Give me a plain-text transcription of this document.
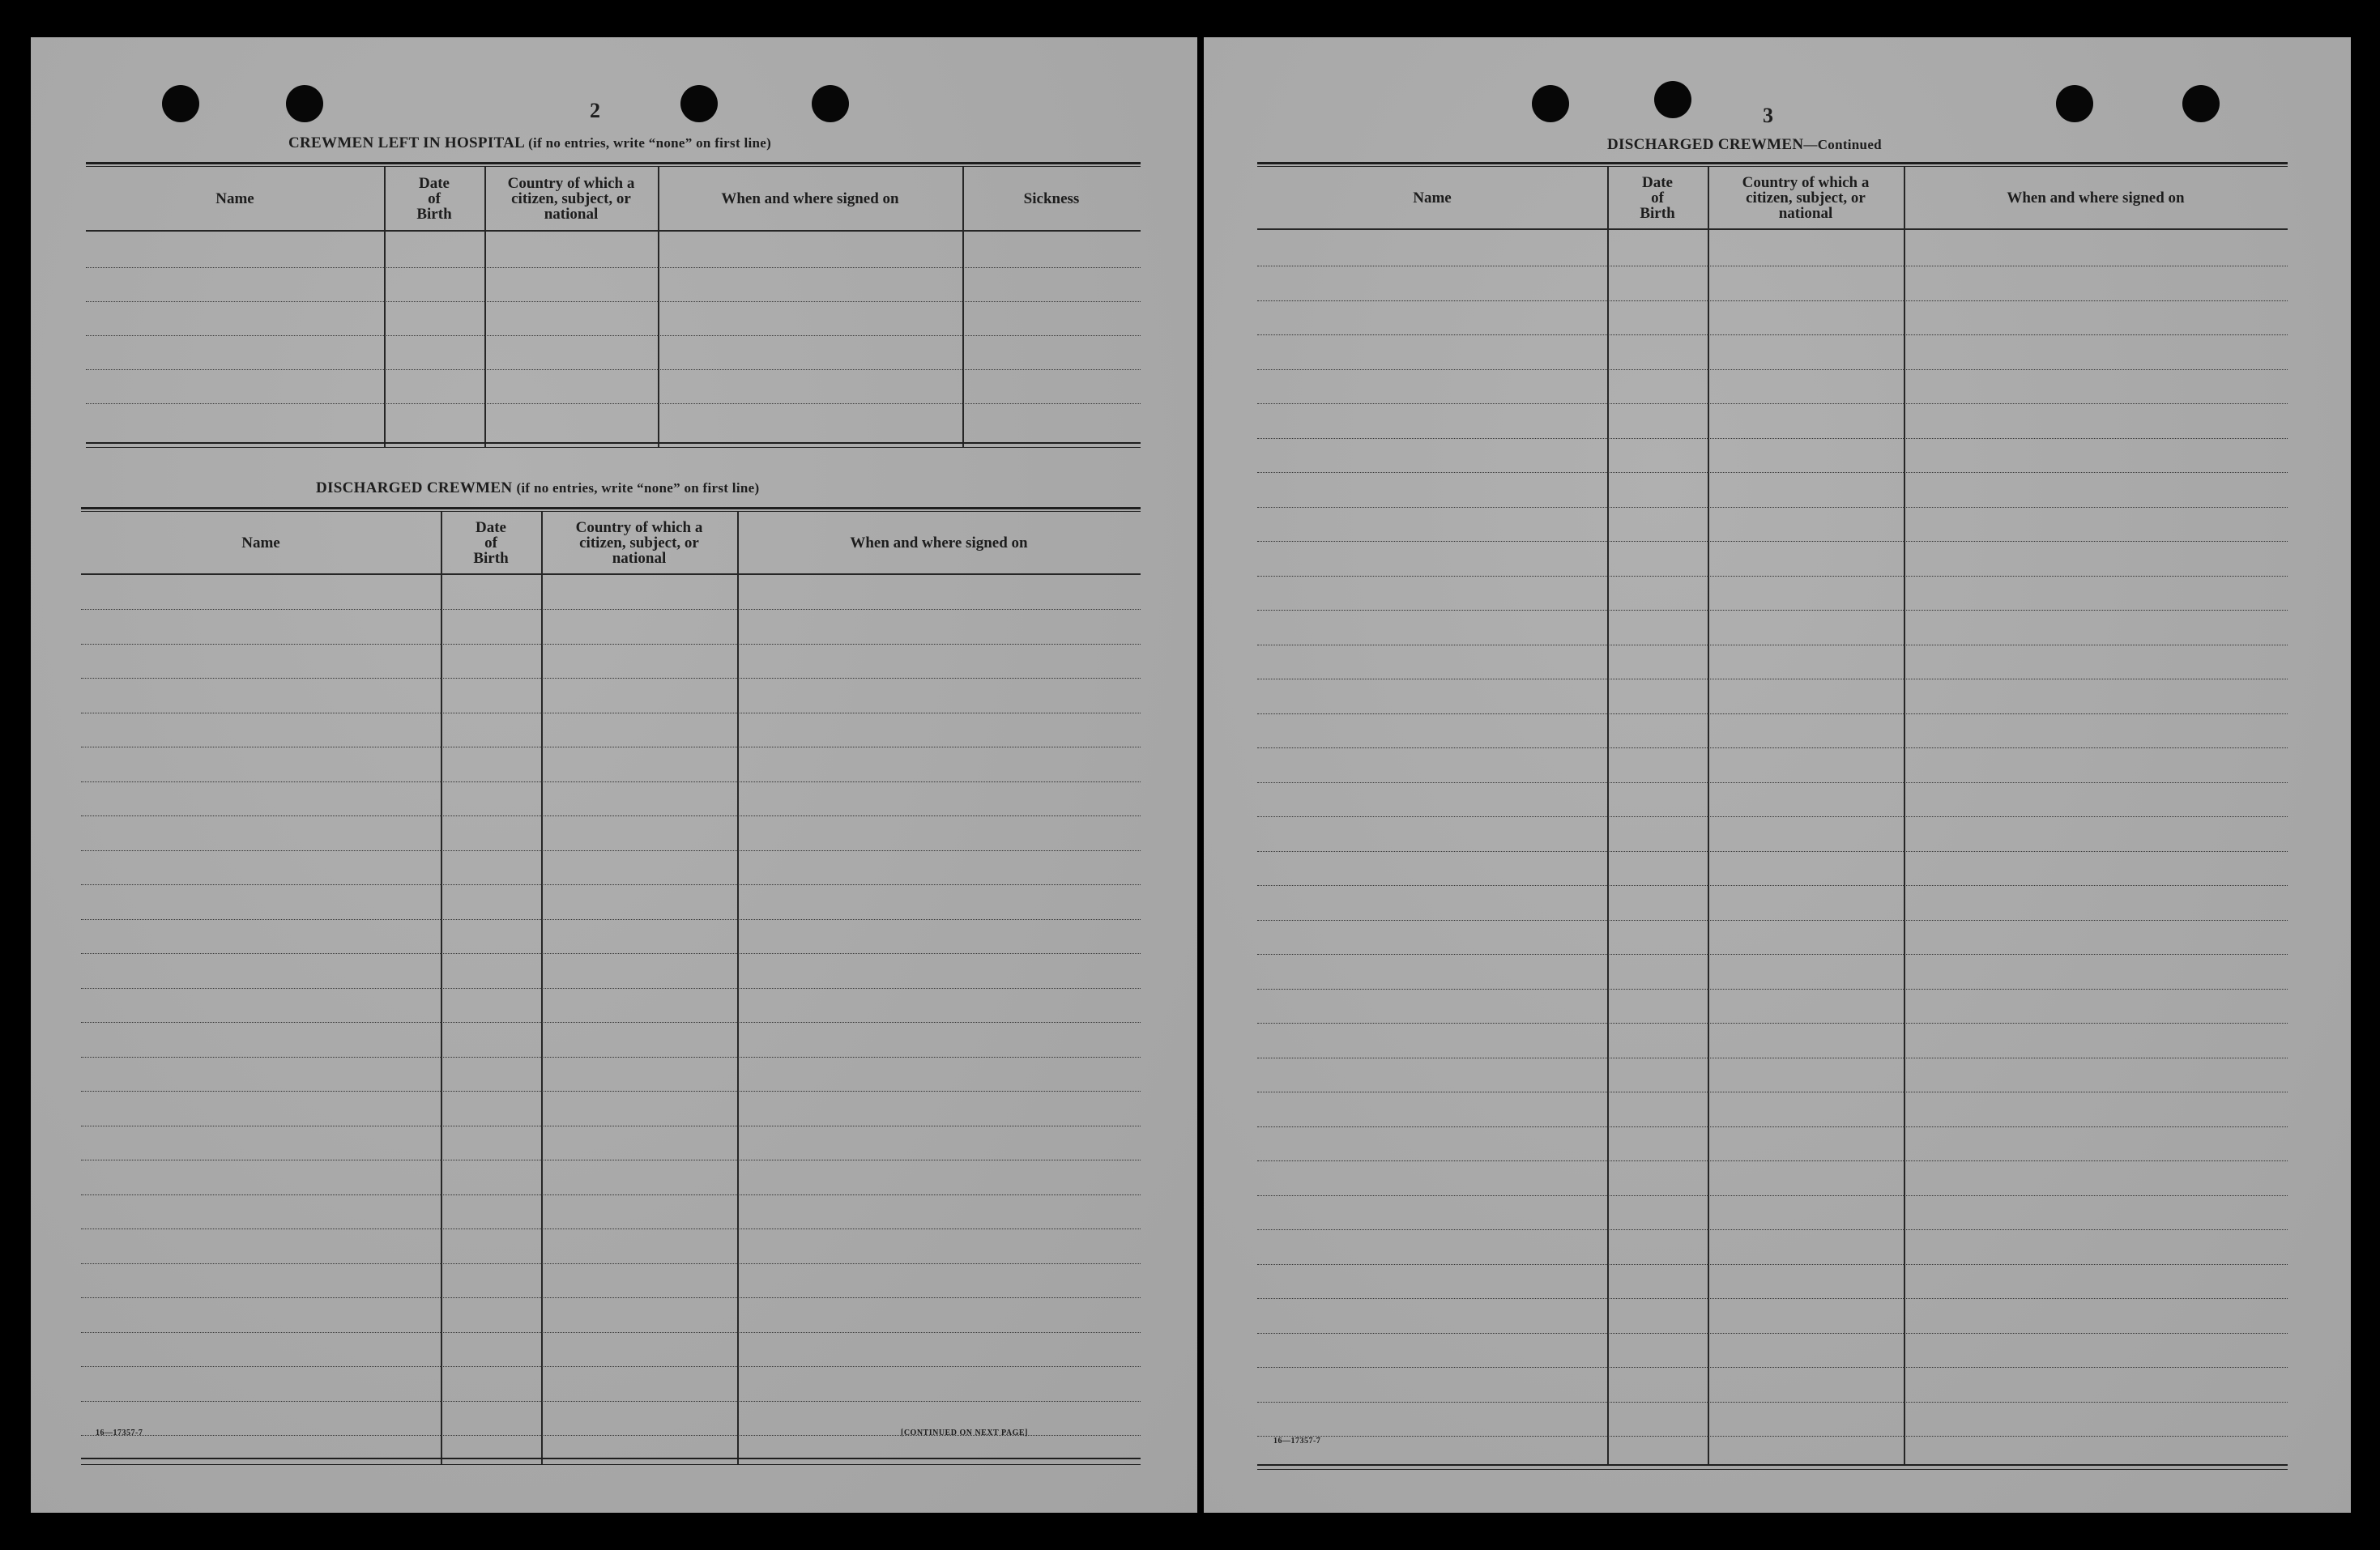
2
CREWMEN LEFT IN HOSPITAL (if no entries, write “none” on first line)
Name
Date
of
Birth
Country of which a
citizen, subject, or
national
When and where signed on	Sickness
DISCHARGED CREWMEN (if no entries, write “none” on first line)
Name
Date
of
Birth
Country of which a
citizen, subject, or
national
When and where signed on
16—17357-7	[CONTINUED ON NEXT PAGE]
3
DISCHARGED CREWMEN—Continued
Name
Date
of
Birth
Country of which a
citizen, subject, or
national
When and where signed on
16—17357-7
